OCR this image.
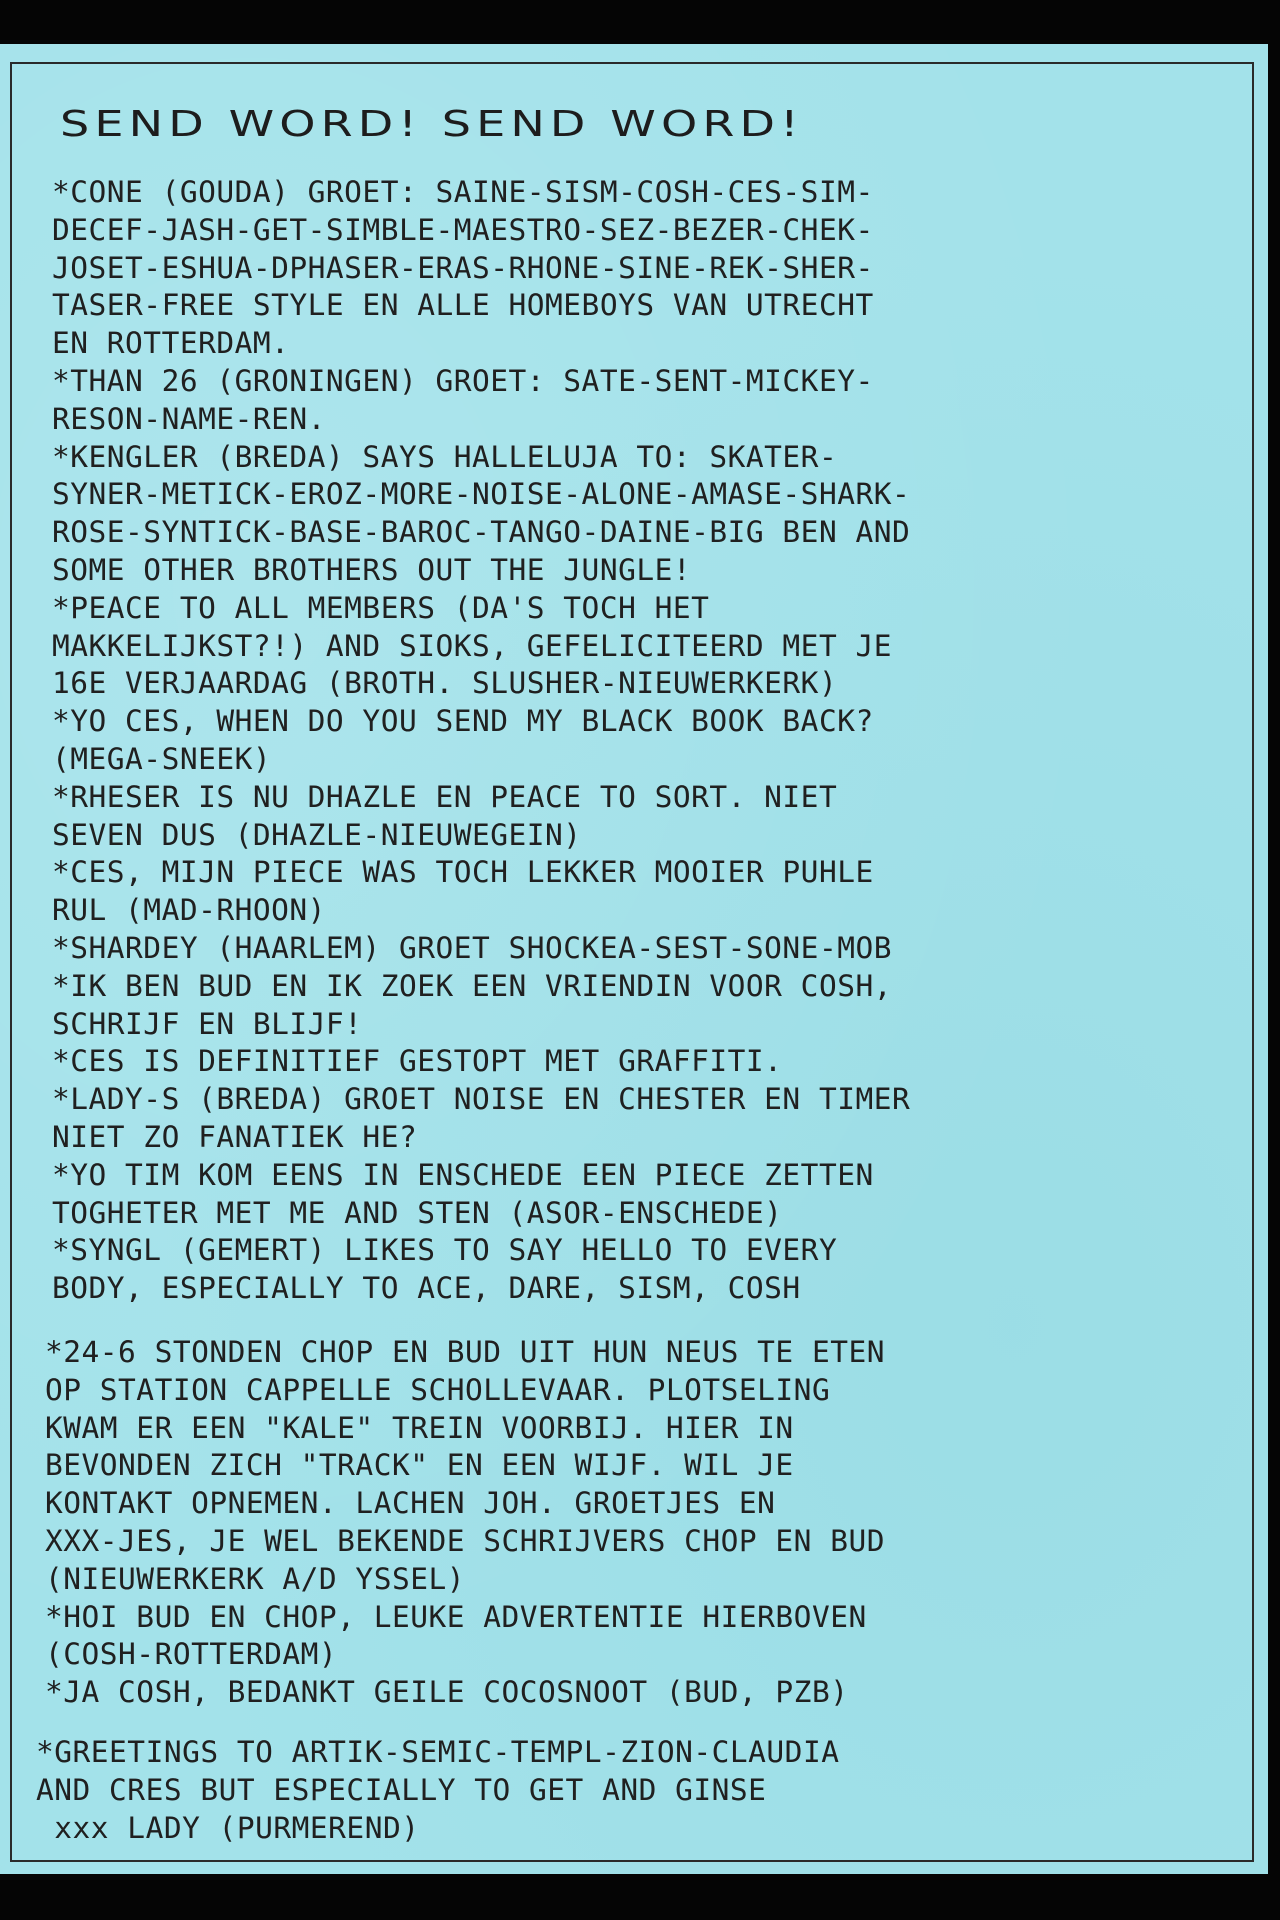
SEND WORD! SEND WORD!
*CONE (GOUDA) GROET: SAINE-SISM-COSH-CES-SIM-
DECEF-JASH-GET-SIMBLE-MAESTRO-SEZ-BEZER-CHEK-
JOSET-ESHUA-DPHASER-ERAS-RHONE-SINE-REK-SHER-
TASER-FREE STYLE EN ALLE HOMEBOYS VAN UTRECHT
EN ROTTERDAM.
*THAN 26 (GRONINGEN) GROET: SATE-SENT-MICKEY-
RESON-NAME-REN.
*KENGLER (BREDA) SAYS HALLELUJA TO: SKATER-
SYNER-METICK-EROZ-MORE-NOISE-ALONE-AMASE-SHARK-
ROSE-SYNTICK-BASE-BAROC-TANGO-DAINE-BIG BEN AND
SOME OTHER BROTHERS OUT THE JUNGLE!
*PEACE TO ALL MEMBERS (DA'S TOCH HET
MAKKELIJKST?!) AND SIOKS, GEFELICITEERD MET JE
16E VERJAARDAG (BROTH. SLUSHER-NIEUWERKERK)
*YO CES, WHEN DO YOU SEND MY BLACK BOOK BACK?
(MEGA-SNEEK)
*RHESER IS NU DHAZLE EN PEACE TO SORT. NIET
SEVEN DUS (DHAZLE-NIEUWEGEIN)
*CES, MIJN PIECE WAS TOCH LEKKER MOOIER PUHLE
RUL (MAD-RHOON)
*SHARDEY (HAARLEM) GROET SHOCKEA-SEST-SONE-MOB
*IK BEN BUD EN IK ZOEK EEN VRIENDIN VOOR COSH,
SCHRIJF EN BLIJF!
*CES IS DEFINITIEF GESTOPT MET GRAFFITI.
*LADY-S (BREDA) GROET NOISE EN CHESTER EN TIMER
NIET ZO FANATIEK HE?
*YO TIM KOM EENS IN ENSCHEDE EEN PIECE ZETTEN
TOGHETER MET ME AND STEN (ASOR-ENSCHEDE)
*SYNGL (GEMERT) LIKES TO SAY HELLO TO EVERY
BODY, ESPECIALLY TO ACE, DARE, SISM, COSH
*24-6 STONDEN CHOP EN BUD UIT HUN NEUS TE ETEN
OP STATION CAPPELLE SCHOLLEVAAR. PLOTSELING
KWAM ER EEN "KALE" TREIN VOORBIJ. HIER IN
BEVONDEN ZICH "TRACK" EN EEN WIJF. WIL JE
KONTAKT OPNEMEN. LACHEN JOH. GROETJES EN
XXX-JES, JE WEL BEKENDE SCHRIJVERS CHOP EN BUD
(NIEUWERKERK A/D YSSEL)
*HOI BUD EN CHOP, LEUKE ADVERTENTIE HIERBOVEN
(COSH-ROTTERDAM)
*JA COSH, BEDANKT GEILE COCOSNOOT (BUD, PZB)
*GREETINGS TO ARTIK-SEMIC-TEMPL-ZION-CLAUDIA
AND CRES BUT ESPECIALLY TO GET AND GINSE
xxx LADY (PURMEREND)
